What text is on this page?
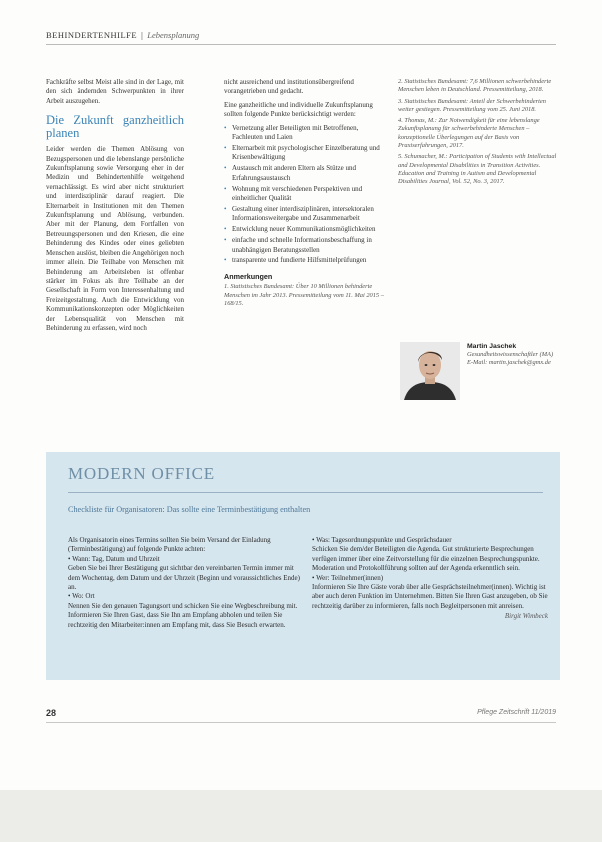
BEHINDERTENHILFE | Lebensplanung

Fachkräfte selbst Meist alle sind in der Lage, mit den sich ändernden Schwerpunkten in ihrer Arbeit auszugehen.

Die Zukunft ganzheitlich planen

Leider werden die Themen Ablösung von Bezugspersonen und die lebenslange persönliche Zukunftsplanung sowie Versorgung eher in der Medizin und Behindertenhilfe weitgehend vernachlässigt. Es wird aber nicht strukturiert und interdisziplinär darauf reagiert. Die Elternarbeit in Institutionen mit den Themen Zukunftsplanung und Ablösung, verbunden. Aber mit der Planung, dem Fortfallen von Betreuungspersonen und den Kriesen, die eine Behinderung des Kindes oder eines geliebten Menschen auslöst, bleiben die Angehörigen noch immer allein. Die Teilhabe von Menschen mit Behinderung am Arbeitsleben ist offenbar stärker im Fokus als ihre Teilhabe an der Gesellschaft in Form von Interessenhaltung und Freizeitgestaltung. Auch die Entwicklung von Kommunikationskonzepten oder Möglichkeiten der Lebensqualität von Menschen mit Behinderung zu erfassen, wird noch

nicht ausreichend und institutionsübergreifend vorangetrieben und gedacht.

Eine ganzheitliche und individuelle Zukunftsplanung sollten folgende Punkte berücksichtigt werden:

• Vernetzung aller Beteiligten mit Betroffenen, Fachleuten und Laien
• Elternarbeit mit psychologischer Einzelberatung und Krisenbewältigung
• Austausch mit anderen Eltern als Stütze und Erfahrungsaustausch
• Wohnung mit verschiedenen Perspektiven und einheitlicher Qualität
• Gestaltung einer interdisziplinären, intersektoralen Informationsweitergabe und Zusammenarbeit
• Entwicklung neuer Kommunikationsmöglichkeiten
• einfache und schnelle Informationsbeschaffung in unabhängigen Beratungsstellen
• transparente und fundierte Hilfsmittelprüfungen
Anmerkungen
1. Statistisches Bundesamt: Über 10 Millionen behinderte Menschen im Jahr 2013. Pressemitteilung vom 11. Mai 2015 – 168/15.
2. Statistisches Bundesamt: 7,6 Millionen schwerbehinderte Menschen leben in Deutschland. Pressemitteilung, 2018.
3. Statistisches Bundesamt: Anteil der Schwerbehinderten weiter gestiegen. Pressemitteilung vom 25. Juni 2018.
4. Thomas, M.: Zur Notwendigkeit für eine lebenslange Zukunftsplanung für schwerbehinderte Menschen – konzeptionelle Überlegungen auf der Basis von Praxiserfahrungen, 2017.
5. Schumacher, M.: Participation of Students with Intellectual and Developmental Disabilities in Transition Activities. Education and Training in Autism and Developmental Disabilities Journal, Vol. 52, No. 3, 2017.
Martin Jaschek
Gesundheitswissenschaftler (MA) E-Mail: martin.jaschek@gmx.de
MODERN OFFICE
Checkliste für Organisatoren: Das sollte eine Terminbestätigung enthalten

Als Organisatorin eines Termins sollten Sie beim Versand der Einladung (Terminbestätigung) auf folgende Punkte achten:

• Wann: Tag, Datum und Uhrzeit

Geben Sie bei Ihrer Bestätigung gut sichtbar den vereinbarten Termin immer mit dem Wochentag, dem Datum und der Uhrzeit (Beginn und voraussichtliches Ende) an.

• Wo: Ort

Nennen Sie den genauen Tagungsort und schicken Sie eine Wegbeschreibung mit. Informieren Sie Ihren Gast, dass Sie Ihn am Empfang abholen und teilen Sie rechtzeitig den Mitarbeiter:innen am Empfang mit, dass Sie Besuch erwarten.

• Was: Tagesordnungspunkte und Gesprächsdauer

Schicken Sie dem/der Beteiligten die Agenda. Gut strukturierte Besprechungen verfügen immer über eine Zeitvorstellung für die einzelnen Besprechungspunkte. Moderation und Protokollführung sollten auf der Agenda erkenntlich sein.

• Wer: Teilnehmer(innen)

Informieren Sie Ihre Gäste vorab über alle Gesprächsteilnehmer(innen). Wichtig ist aber auch deren Funktion im Unternehmen. Bitten Sie Ihren Gast anzugeben, ob Sie rechtzeitig darüber zu informieren, falls noch Begleitpersonen mit anreisen.

Birgit Wimbeck

28	Pflege Zeitschrift 11/2019
